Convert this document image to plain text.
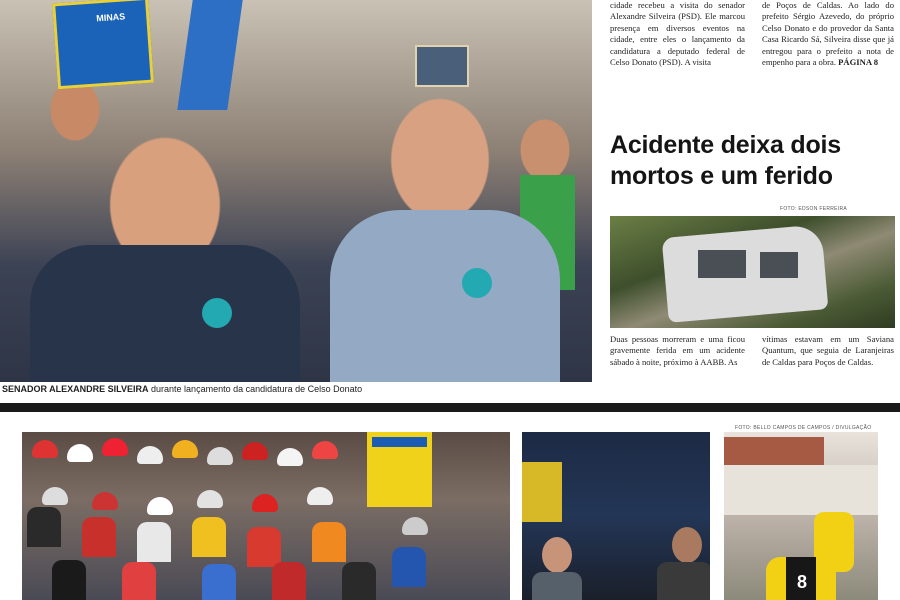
MINAS
SENADOR ALEXANDRE SILVEIRA durante lançamento da candidatura de Celso Donato
cidade recebeu a visita do senador Alexandre Silveira (PSD). Ele marcou presença em diversos eventos na cidade, entre eles o lançamento da candidatura a deputado federal de Celso Donato (PSD). A visita
de Poços de Caldas. Ao lado do prefeito Sérgio Azevedo, do próprio Celso Donato e do provedor da Santa Casa Ricardo Sá, Silveira disse que já entregou para o prefeito a nota de empenho para a obra. PÁGINA 8
Acidente deixa dois mortos e um ferido
FOTO: EDSON FERREIRA
Duas pessoas morreram e uma ficou gravemente ferida em um acidente sábado à noite, próximo à AABB. As
vítimas estavam em um Saviana Quantum, que seguia de Laranjeiras de Caldas para Poços de Caldas.
FOTO: BELLO CAMPOS DE CAMPOS / DIVULGAÇÃO
8
